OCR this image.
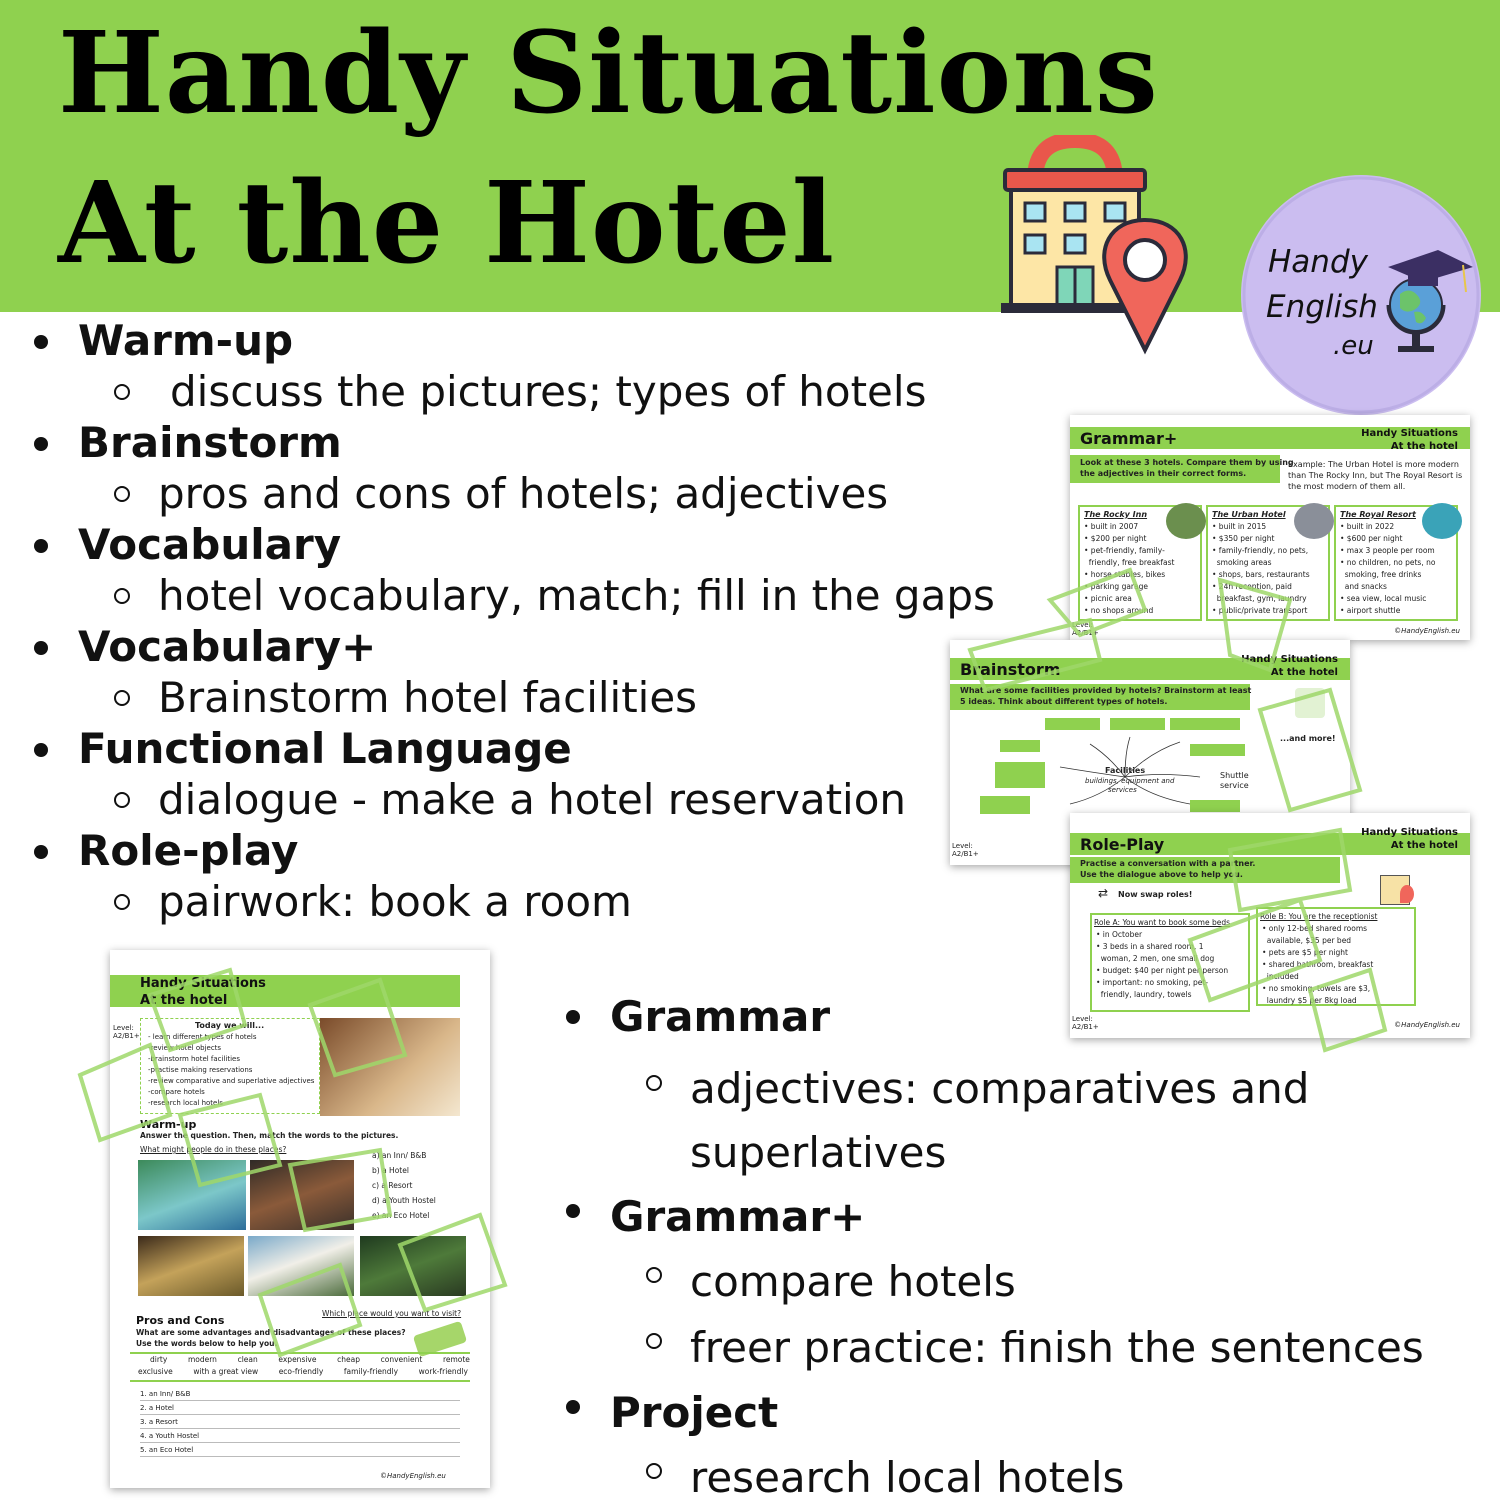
Handy Situations
At the Hotel	Handy
English
.eu
Warm-up
discuss the pictures; types of hotels
Brainstorm
pros and cons of hotels; adjectives
Vocabulary
hotel vocabulary, match; fill in the gaps
Vocabulary+
Brainstorm hotel facilities
Functional Language
dialogue - make a hotel reservation
Role-play
pairwork: book a room
Grammar+	Handy Situations
At the hotel
Look at these 3 hotels. Compare them by using
the adjectives in their correct forms.
Example: The Urban Hotel is more modern
than The Rocky Inn, but The Royal Resort is
the most modern of them all.
The Rocky Inn
• built in 2007
• $200 per night
• pet-friendly, family-
friendly, free breakfast
• horse stables, bikes
• parking garage
• picnic area
• no shops around
The Urban Hotel
• built in 2015
• $350 per night
• family-friendly, no pets,
smoking areas
• shops, bars, restaurants
• 24h reception, paid
breakfast, gym, laundry
• public/private transport
The Royal Resort
• built in 2022
• $600 per night
• max 3 people per room
• no children, no pets, no
smoking, free drinks
and snacks
• sea view, local music
• airport shuttle
Level:
A2/B1+	©HandyEnglish.eu
Brainstorm
Handy Situations
At the hotel
What are some facilities provided by hotels? Brainstorm at least
5 ideas. Think about different types of hotels.
Facilities
buildings, equipment and
services
...and more!
Shuttle
service
Level:
A2/B1+	Role-Play
Handy Situations
At the hotel
Practise a conversation with a partner.
Use the dialogue above to help you.
⇄ Now swap roles!
Role A: You want to book some beds
• in October
• 3 beds in a shared room, 1
woman, 2 men, one small dog
• budget: $40 per night per person
• important: no smoking, pet-
friendly, laundry, towels
Role B: You are the receptionist
• only 12-bed shared rooms
available, $35 per bed
• pets are $5 per night
• shared bathroom, breakfast
included
• no smoking, towels are $3,
laundry $5 per 8kg load
Level:
A2/B1+	©HandyEnglish.eu
Handy Situations
At the hotel
Level:
A2/B1+
Today we will...
- learn different types of hotels
-review hotel objects
-brainstorm hotel facilities
-practise making reservations
-review comparative and superlative adjectives
-compare hotels
-research local hotels
Warm-up
Answer the question. Then, match the words to the pictures.
What might people do in these places?
a) an Inn/ B&B
b) a Hotel
c) a Resort
d) a Youth Hostel
e) an Eco Hotel
Which place would you want to visit?
Pros and Cons
What are some advantages and disadvantages of these places?
Use the words below to help you.
dirty	modern	clean	expensive	cheap	convenient	remote
exclusive	with a great view	eco-friendly	family-friendly	work-friendly
1. an Inn/ B&B
2. a Hotel
3. a Resort
4. a Youth Hostel
5. an Eco Hotel
©HandyEnglish.eu
Grammar
adjectives: comparatives and
superlatives
Grammar+
compare hotels
freer practice: finish the sentences
Project
research local hotels
